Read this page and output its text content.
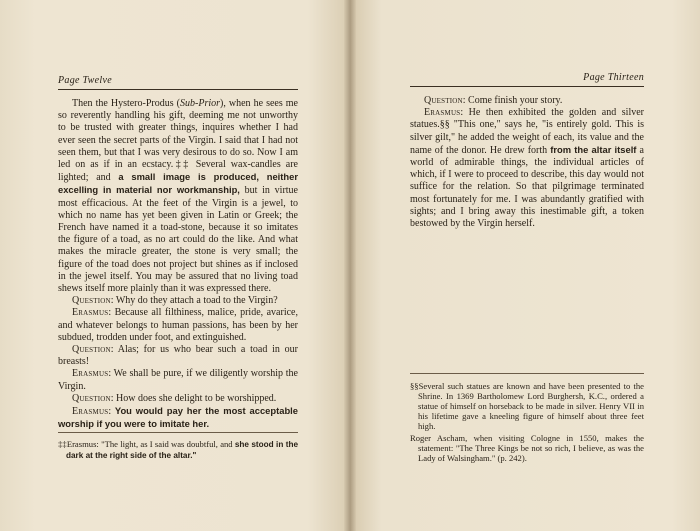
Page Twelve

Then the Hystero-Produs (Sub-Prior), when he sees me so reverently handling his gift, deeming me not unworthy to be trusted with greater things, inquires whether I had ever seen the secret parts of the Virgin. I said that I had not seen them, but that I was very desirous to do so. Now I am led on as if in an ecstacy.‡‡ Several wax-candles are lighted; and a small image is produced, neither excelling in material nor workmanship, but in virtue most efficacious. At the feet of the Virgin is a jewel, to which no name has yet been given in Latin or Greek; the French have named it a toad-stone, because it so imitates the figure of a toad, as no art could do the like. And what makes the miracle greater, the stone is very small; the figure of the toad does not project but shines as if inclosed in the jewel itself. You may be assured that no living toad shews itself more plainly than it was expressed there.

Question: Why do they attach a toad to the Virgin?

Erasmus: Because all filthiness, malice, pride, avarice, and whatever belongs to human passions, has been by her subdued, trodden under foot, and extinguished.

Question: Alas; for us who bear such a toad in our breasts!

Erasmus: We shall be pure, if we diligently worship the Virgin.

Question: How does she delight to be worshipped.

Erasmus: You would pay her the most acceptable worship if you were to imitate her.

‡‡Erasmus: "The light, as I said was doubtful, and she stood in the dark at the right side of the altar."

Page Thirteen

Question: Come finish your story.

Erasmus: He then exhibited the golden and silver statues.§§ "This one," says he, "is entirely gold. This is silver gilt," he added the weight of each, its value and the name of the donor. He drew forth from the altar itself a world of admirable things, the individual articles of which, if I were to proceed to describe, this day would not suffice for the relation. So that pilgrimage terminated most fortunately for me. I was abundantly gratified with sights; and I bring away this inestimable gift, a token bestowed by the Virgin herself.

§§Several such statues are known and have been presented to the Shrine. In 1369 Bartholomew Lord Burghersh, K.C., ordered a statue of himself on horseback to be made in silver. Henry VII in his lifetime gave a kneeling figure of himself about three feet high.

Roger Ascham, when visiting Cologne in 1550, makes the statement: "The Three Kings be not so rich, I believe, as was the Lady of Walsingham." (p. 242).
